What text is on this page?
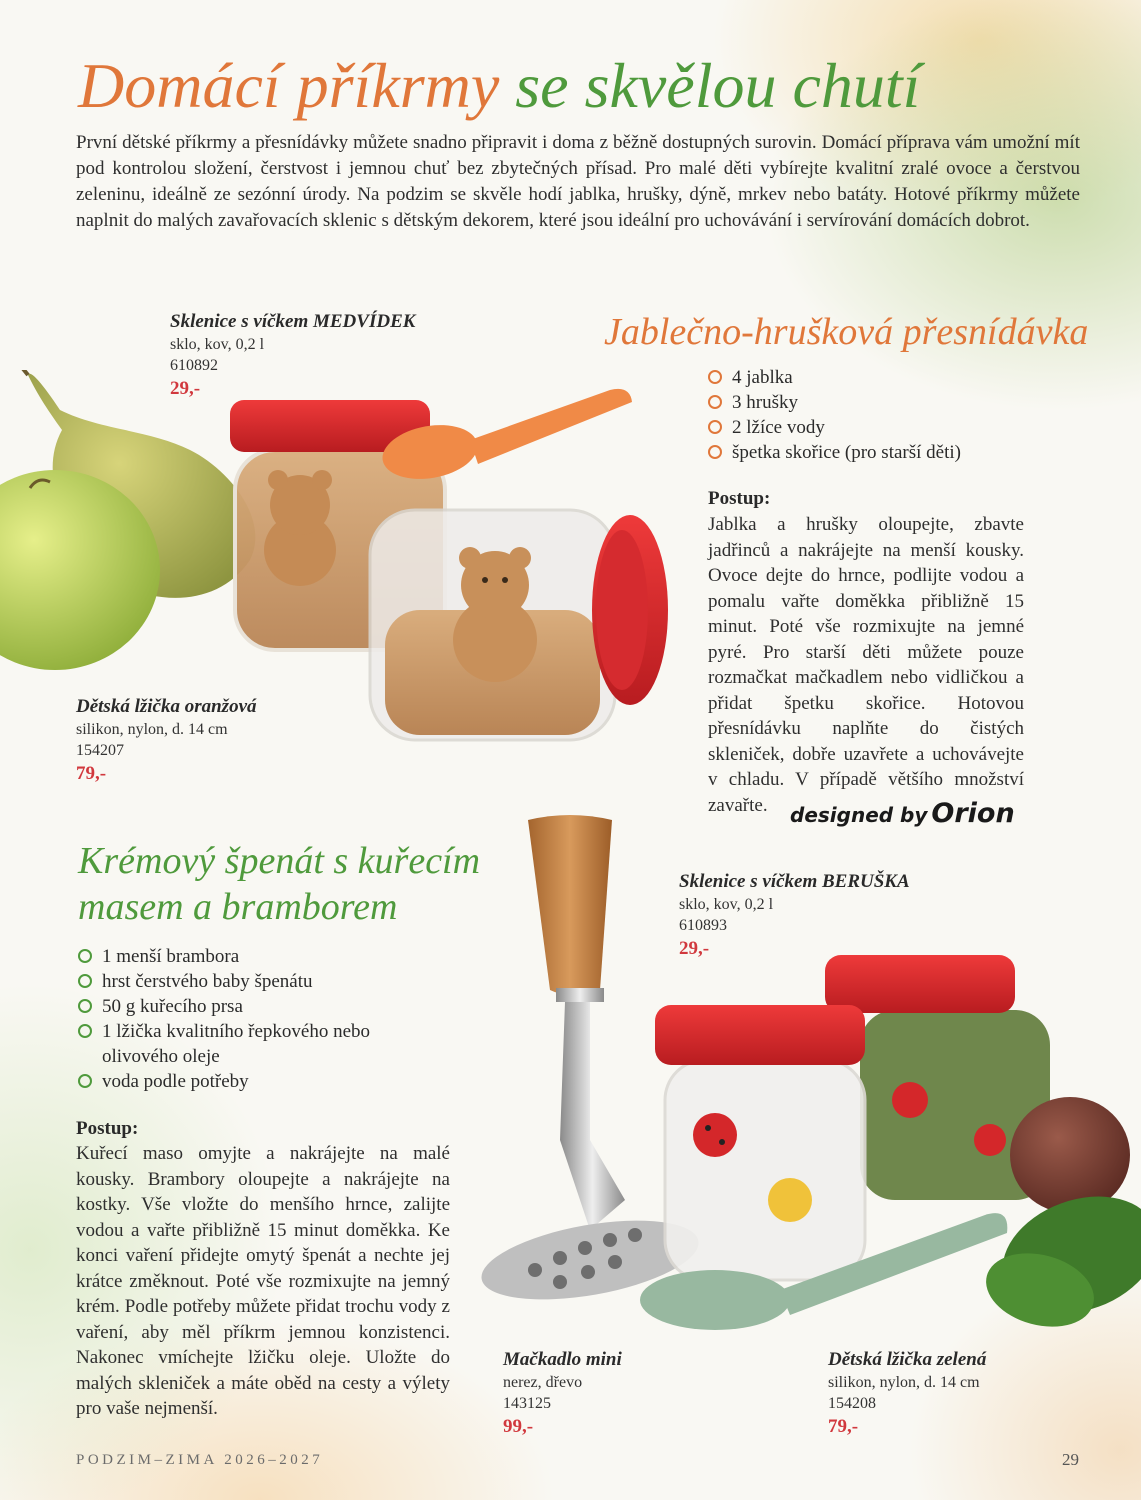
Domácí příkrmy se skvělou chutí

První dětské příkrmy a přesnídávky můžete snadno připravit i doma z běžně dostupných surovin. Domácí příprava vám umožní mít pod kontrolou složení, čerstvost i jemnou chuť bez zbytečných přísad. Pro malé děti vybírejte kvalitní zralé ovoce a čerstvou zeleninu, ideálně ze sezónní úrody. Na podzim se skvěle hodí jablka, hrušky, dýně, mrkev nebo batáty. Hotové příkrmy můžete naplnit do malých zavařovacích sklenic s dětským dekorem, které jsou ideální pro uchovávání i servírování domácích dobrot.

Sklenice s víčkem MEDVÍDEK
sklo, kov, 0,2 l
610892
29,-
Dětská lžička oranžová
silikon, nylon, d. 14 cm
154207
79,-
Jablečno-hrušková přesnídávka
4 jablka
3 hrušky
2 lžíce vody
špetka skořice (pro starší děti)
Postup:

Jablka a hrušky oloupejte, zbavte jadřinců a nakrájejte na menší kousky. Ovoce dejte do hrnce, podlijte vodou a pomalu vařte doměkka přibližně 15 minut. Poté vše rozmixujte na jemné pyré. Pro starší děti můžete pouze rozmačkat mačkadlem nebo vidličkou a přidat špetku skořice. Hotovou přesnídávku naplňte do čistých skleniček, dobře uzavřete a uchovávejte v chladu. V případě většího množství zavařte.	designed by Orion
Krémový špenát s kuřecím
masem a bramborem
1 menší brambora
hrst čerstvého baby špenátu
50 g kuřecího prsa
1 lžička kvalitního řepkového nebo olivového oleje
voda podle potřeby
Postup:

Kuřecí maso omyjte a nakrájejte na malé kousky. Brambory oloupejte a nakrájejte na kostky. Vše vložte do menšího hrnce, zalijte vodou a vařte přibližně 15 minut doměkka. Ke konci vaření přidejte omytý špenát a nechte jej krátce změknout. Poté vše rozmixujte na jemný krém. Podle potřeby můžete přidat trochu vody z vaření, aby měl příkrm jemnou konzistenci. Nakonec vmíchejte lžičku oleje. Uložte do malých skleniček a máte oběd na cesty a výlety pro vaše nejmenší.

Sklenice s víčkem BERUŠKA
sklo, kov, 0,2 l
610893
29,-
Mačkadlo mini
nerez, dřevo
143125
99,-
Dětská lžička zelená
silikon, nylon, d. 14 cm
154208
79,-
PODZIM–ZIMA 2026–2027	29
